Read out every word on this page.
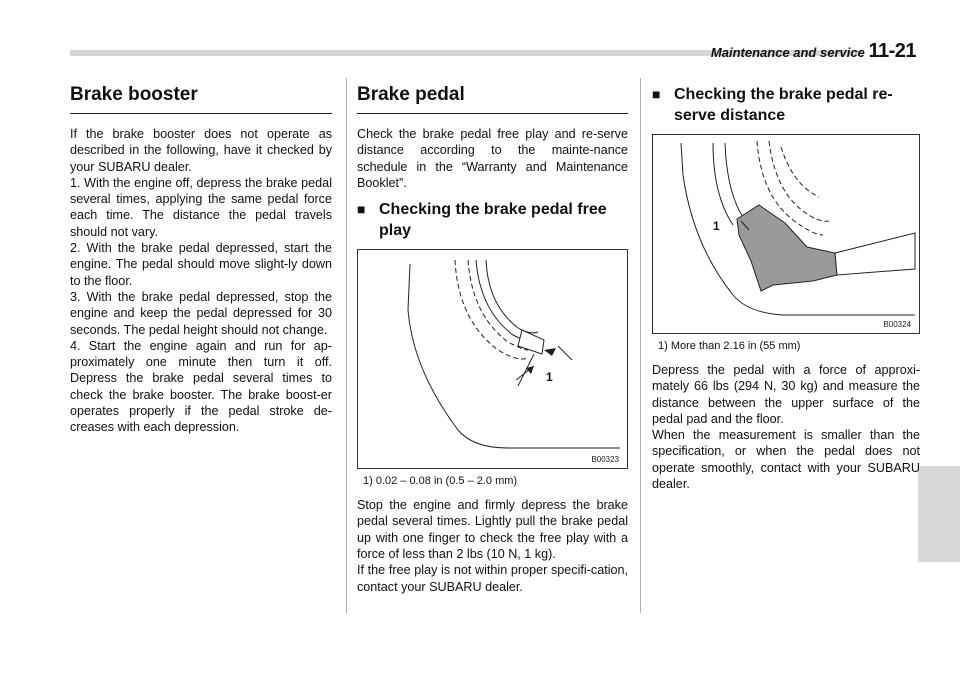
Maintenance and service 11-21
Brake booster

If the brake booster does not operate as described in the following, have it checked by your SUBARU dealer.

1. With the engine off, depress the brake pedal several times, applying the same pedal force each time. The distance the pedal travels should not vary.

2. With the brake pedal depressed, start the engine. The pedal should move slight-ly down to the floor.

3. With the brake pedal depressed, stop the engine and keep the pedal depressed for 30 seconds. The pedal height should not change.

4. Start the engine again and run for ap-proximately one minute then turn it off. Depress the brake pedal several times to check the brake booster. The brake boost-er operates properly if the pedal stroke de-creases with each depression.

Brake pedal

Check the brake pedal free play and re-serve distance according to the mainte-nance schedule in the “Warranty and Maintenance Booklet”.

■ Checking the brake pedal free play
1
B00323
1) 0.02 – 0.08 in (0.5 – 2.0 mm)

Stop the engine and firmly depress the brake pedal several times. Lightly pull the brake pedal up with one finger to check the free play with a force of less than 2 lbs (10 N, 1 kg).

If the free play is not within proper specifi-cation, contact your SUBARU dealer.

■ Checking the brake pedal re-serve distance
1
B00324
1) More than 2.16 in (55 mm)

Depress the pedal with a force of approxi-mately 66 lbs (294 N, 30 kg) and measure the distance between the upper surface of the pedal pad and the floor.

When the measurement is smaller than the specification, or when the pedal does not operate smoothly, contact with your SUBARU dealer.
